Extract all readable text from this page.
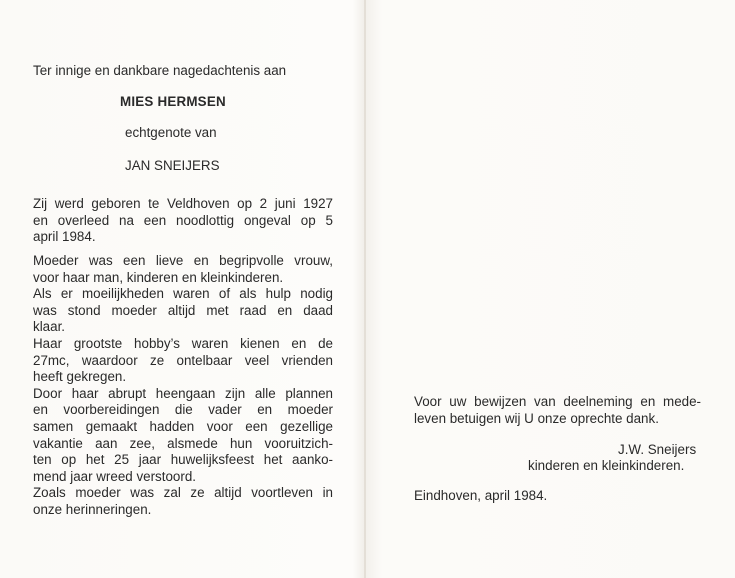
Ter innige en dankbare nagedachtenis aan

MIES HERMSEN

echtgenote van

JAN SNEIJERS

Zij werd geboren te Veldhoven op 2 juni 1927
en overleed na een noodlottig ongeval op 5
april 1984.
Moeder was een lieve en begripvolle vrouw,
voor haar man, kinderen en kleinkinderen.
Als er moeilijkheden waren of als hulp nodig
was stond moeder altijd met raad en daad
klaar.
Haar grootste hobby’s waren kienen en de
27mc, waardoor ze ontelbaar veel vrienden
heeft gekregen.
Door haar abrupt heengaan zijn alle plannen
en voorbereidingen die vader en moeder
samen gemaakt hadden voor een gezellige
vakantie aan zee, alsmede hun vooruitzich-
ten op het 25 jaar huwelijksfeest het aanko-
mend jaar wreed verstoord.
Zoals moeder was zal ze altijd voortleven in
onze herinneringen.
Voor uw bewijzen van deelneming en mede-
leven betuigen wij U onze oprechte dank.

J.W. Sneijers

kinderen en kleinkinderen.

Eindhoven, april 1984.
